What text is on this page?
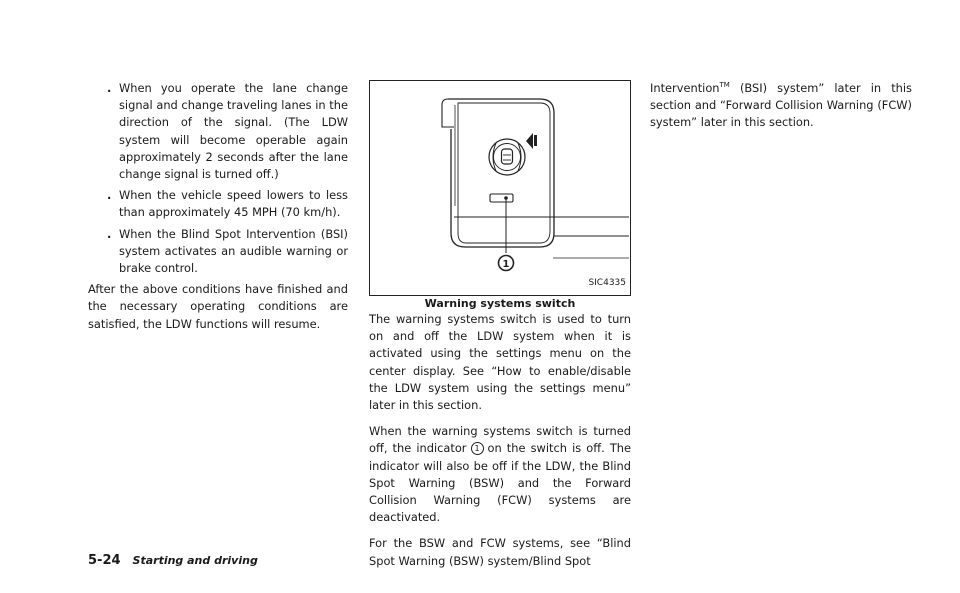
. When you operate the lane change signal and change traveling lanes in the direction of the signal. (The LDW system will become operable again approximately 2 seconds after the lane change signal is turned off.)
. When the vehicle speed lowers to less than approximately 45 MPH (70 km/h).
. When the Blind Spot Intervention (BSI) system activates an audible warning or brake control.

After the above conditions have finished and the necessary operating conditions are satisfied, the LDW functions will resume.

1
SIC4335
Warning systems switch

The warning systems switch is used to turn on and off the LDW system when it is activated using the settings menu on the center display. See “How to enable/disable the LDW system using the settings menu” later in this section.

When the warning systems switch is turned off, the indicator 1 on the switch is off. The indicator will also be off if the LDW, the Blind Spot Warning (BSW) and the Forward Collision Warning (FCW) systems are deactivated.

For the BSW and FCW systems, see “Blind Spot Warning (BSW) system/Blind Spot

Intervention™ (BSI) system” later in this section and “Forward Collision Warning (FCW) system” later in this section.

5-24 Starting and driving
